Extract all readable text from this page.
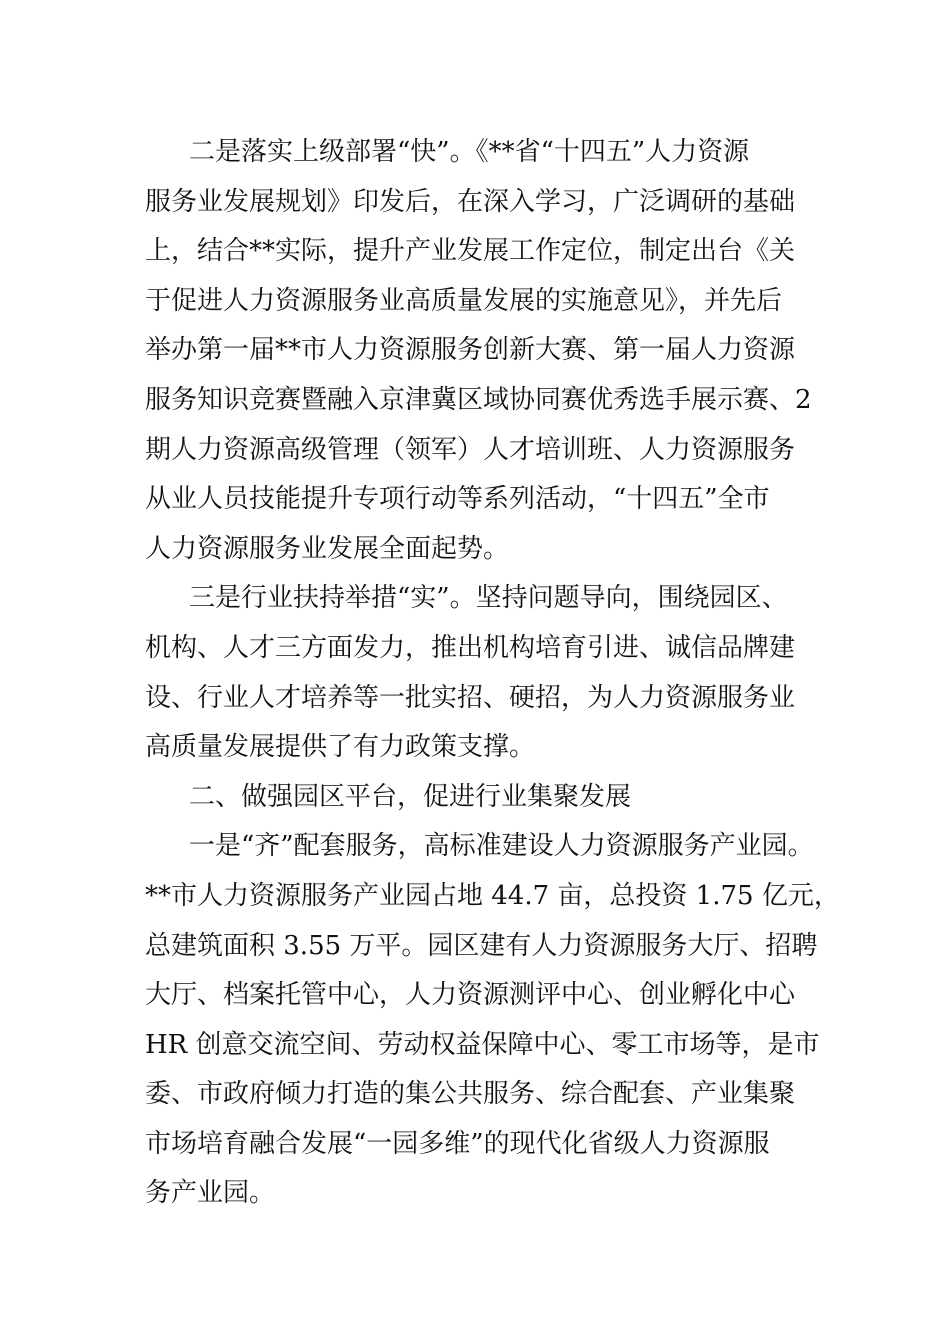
二是落实上级部署“快”。《**省“十四五”人力资源
服务业发展规划》印发后，在深入学习，广泛调研的基础
上，结合**实际，提升产业发展工作定位，制定出台《关
于促进人力资源服务业高质量发展的实施意见》，并先后
举办第一届**市人力资源服务创新大赛、第一届人力资源
服务知识竞赛暨融入京津冀区域协同赛优秀选手展示赛、2
期人力资源高级管理（领军）人才培训班、人力资源服务
从业人员技能提升专项行动等系列活动，“十四五”全市
人力资源服务业发展全面起势。
三是行业扶持举措“实”。坚持问题导向，围绕园区、
机构、人才三方面发力，推出机构培育引进、诚信品牌建
设、行业人才培养等一批实招、硬招，为人力资源服务业
高质量发展提供了有力政策支撑。
二、做强园区平台，促进行业集聚发展
一是“齐”配套服务，高标准建设人力资源服务产业园。
**市人力资源服务产业园占地 44.7 亩，总投资 1.75 亿元，
总建筑面积 3.55 万平。园区建有人力资源服务大厅、招聘
大厅、档案托管中心，人力资源测评中心、创业孵化中心
HR 创意交流空间、劳动权益保障中心、零工市场等，是市
委、市政府倾力打造的集公共服务、综合配套、产业集聚
市场培育融合发展“一园多维”的现代化省级人力资源服
务产业园。
